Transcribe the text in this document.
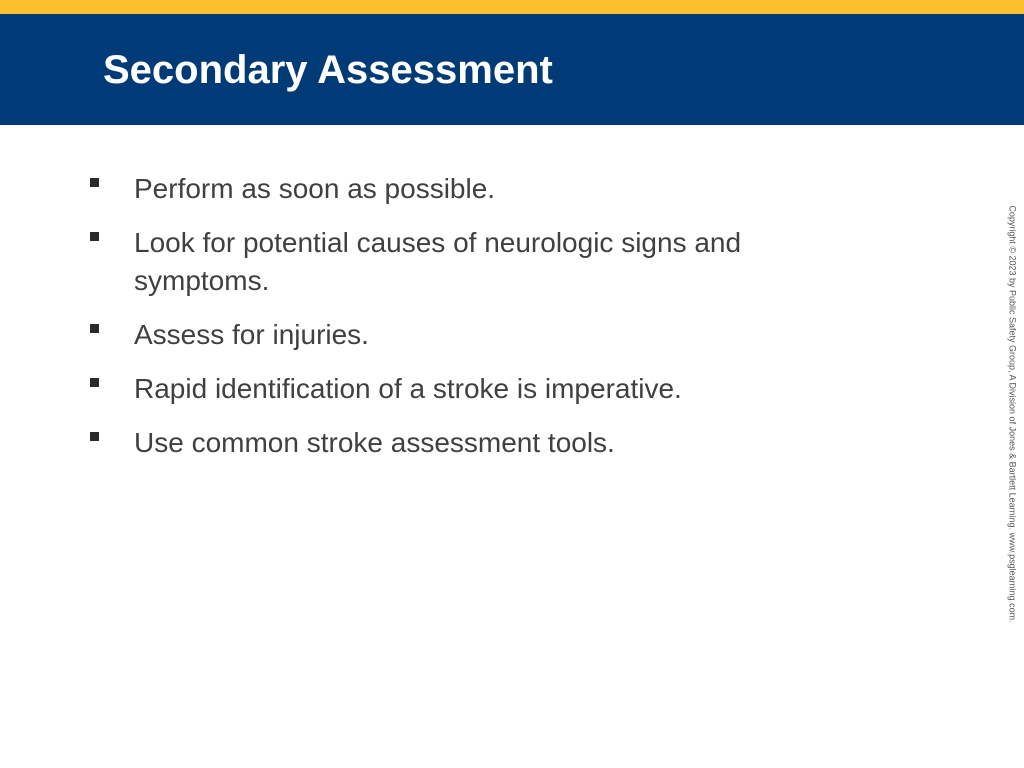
Secondary Assessment
Perform as soon as possible.
Look for potential causes of neurologic signs and symptoms.
Assess for injuries.
Rapid identification of a stroke is imperative.
Use common stroke assessment tools.	Copyright © 2023 by Public Safety Group, A Division of Jones & Bartlett Learning. www.psglearning.com.
